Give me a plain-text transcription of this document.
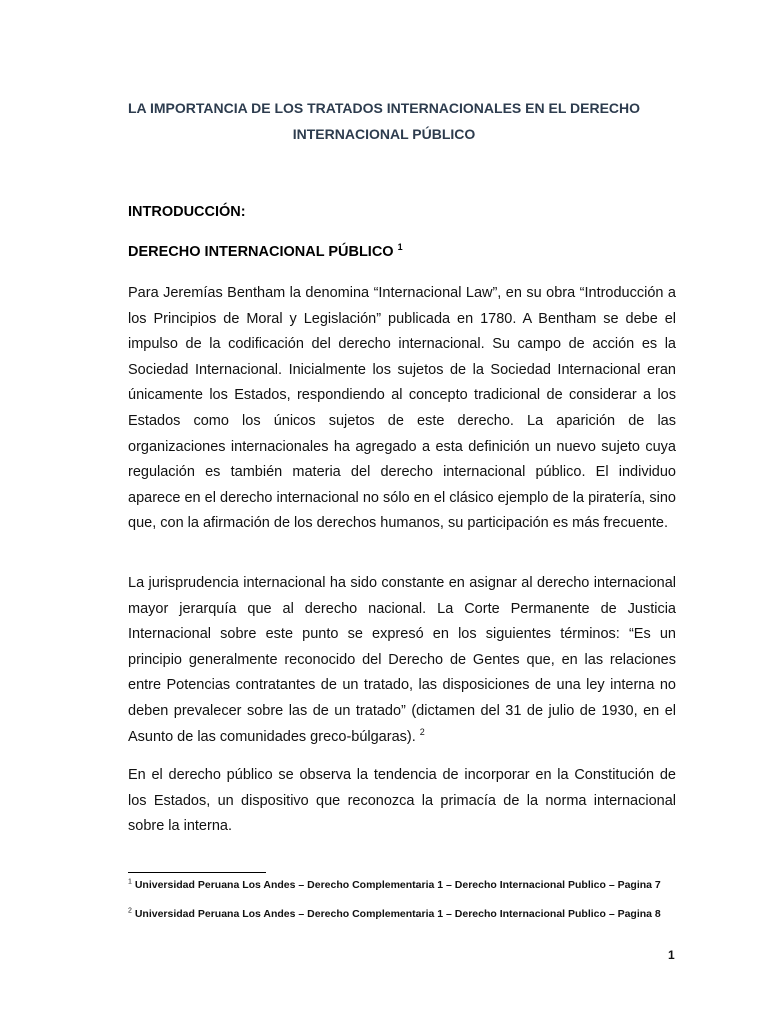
LA IMPORTANCIA DE LOS TRATADOS INTERNACIONALES EN EL DERECHO INTERNACIONAL PÚBLICO
INTRODUCCIÓN:
DERECHO INTERNACIONAL PÚBLICO $^1$

Para Jeremías Bentham la denomina “Internacional Law”, en su obra “Introducción a los Principios de Moral y Legislación” publicada en 1780. A Bentham se debe el impulso de la codificación del derecho internacional. Su campo de acción es la Sociedad Internacional. Inicialmente los sujetos de la Sociedad Internacional eran únicamente los Estados, respondiendo al concepto tradicional de considerar a los Estados como los únicos sujetos de este derecho. La aparición de las organizaciones internacionales ha agregado a esta definición un nuevo sujeto cuya regulación es también materia del derecho internacional público. El individuo aparece en el derecho internacional no sólo en el clásico ejemplo de la piratería, sino que, con la afirmación de los derechos humanos, su participación es más frecuente.

La jurisprudencia internacional ha sido constante en asignar al derecho internacional mayor jerarquía que al derecho nacional. La Corte Permanente de Justicia Internacional sobre este punto se expresó en los siguientes términos: “Es un principio generalmente reconocido del Derecho de Gentes que, en las relaciones entre Potencias contratantes de un tratado, las disposiciones de una ley interna no deben prevalecer sobre las de un tratado” (dictamen del 31 de julio de 1930, en el Asunto de las comunidades greco-búlgaras). $^2$

En el derecho público se observa la tendencia de incorporar en la Constitución de los Estados, un dispositivo que reconozca la primacía de la norma internacional sobre la interna.

$^1$ Universidad Peruana Los Andes – Derecho Complementaria 1 – Derecho Internacional Publico – Pagina 7

$^2$ Universidad Peruana Los Andes – Derecho Complementaria 1 – Derecho Internacional Publico – Pagina 8

1
